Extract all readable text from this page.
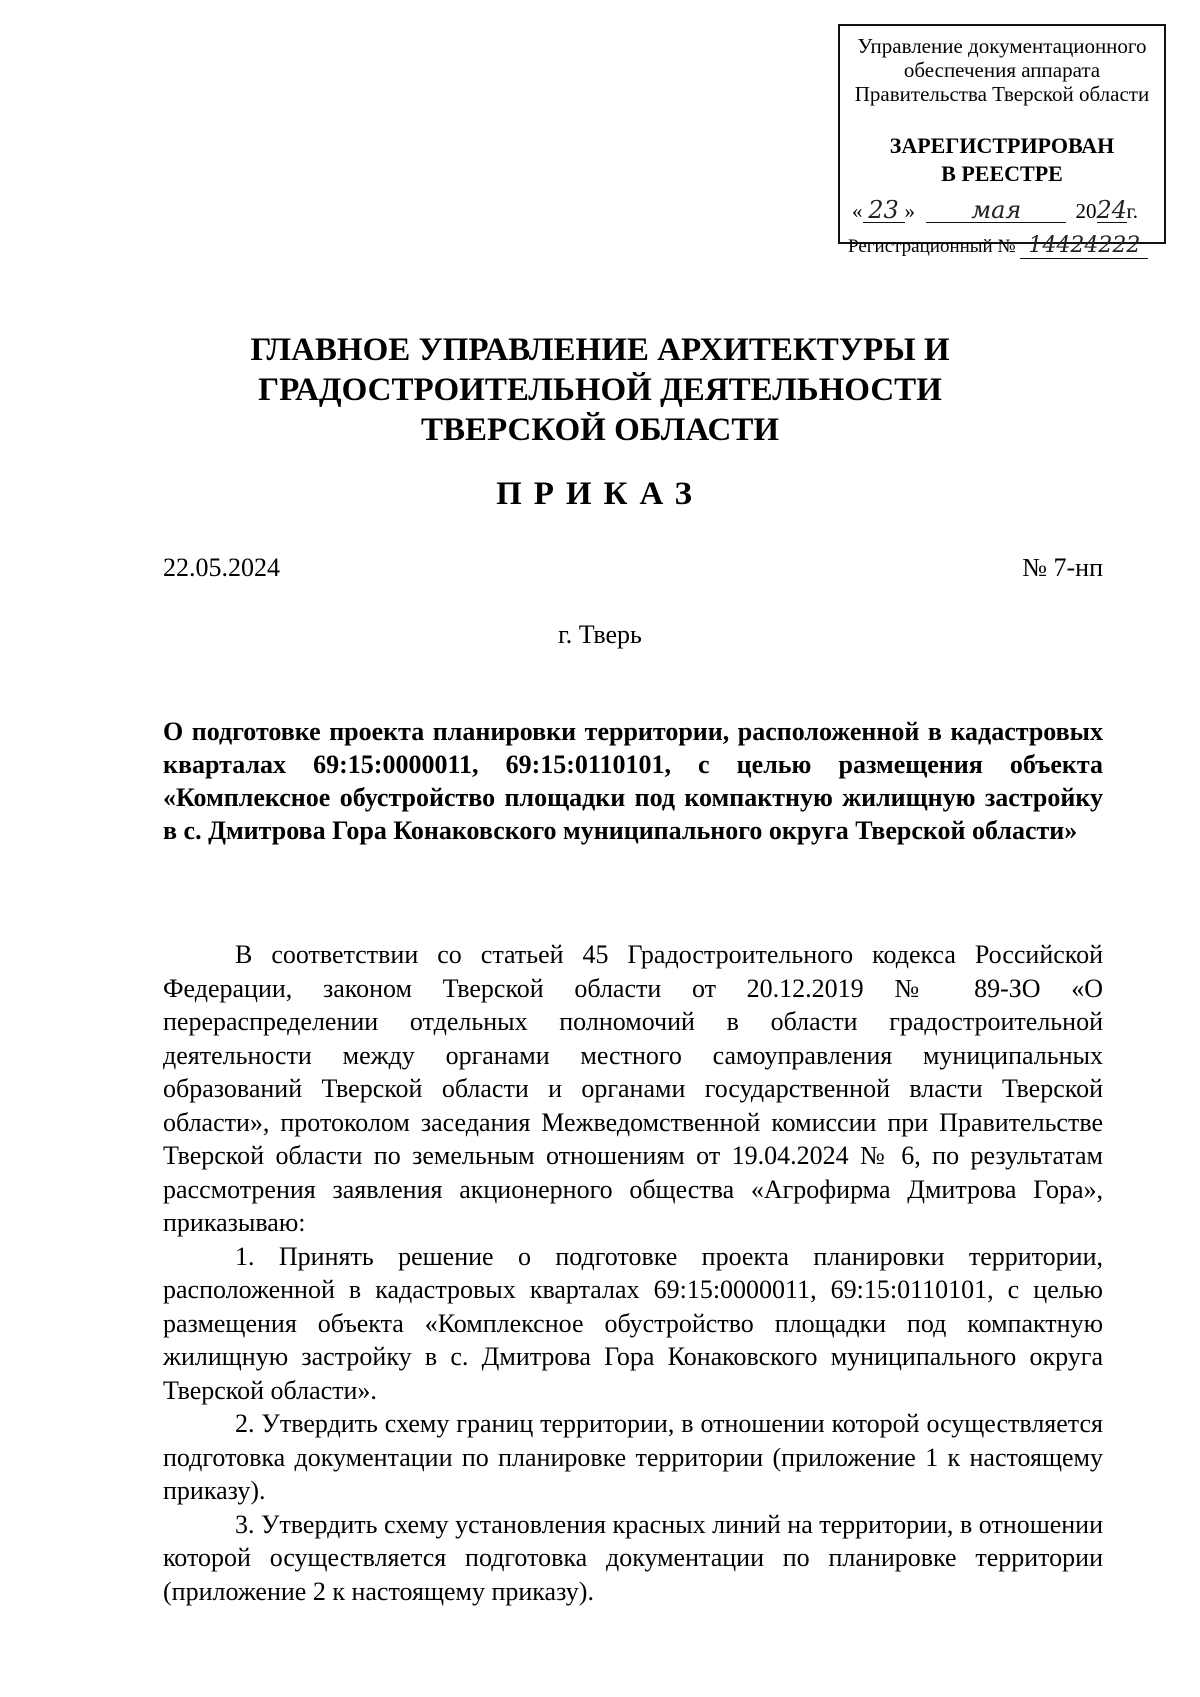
Управление документационного
обеспечения аппарата
Правительства Тверской области
ЗАРЕГИСТРИРОВАН
В РЕЕСТРЕ
« 23 » мая	2024г.
Регистрационный № 14424222
ГЛАВНОЕ УПРАВЛЕНИЕ АРХИТЕКТУРЫ И
ГРАДОСТРОИТЕЛЬНОЙ ДЕЯТЕЛЬНОСТИ
ТВЕРСКОЙ ОБЛАСТИ
ПРИКАЗ
22.05.2024	№ 7-нп
г. Тверь
О подготовке проекта планировки территории, расположенной в кадастровых кварталах 69:15:0000011, 69:15:0110101, с целью размещения объекта «Комплексное обустройство площадки под компактную жилищную застройку в с. Дмитрова Гора Конаковского муниципального округа Тверской области»

В соответствии со статьей 45 Градостроительного кодекса Российской Федерации, законом Тверской области от 20.12.2019 № 89-ЗО «О перераспределении отдельных полномочий в области градостроительной деятельности между органами местного самоуправления муниципальных образований Тверской области и органами государственной власти Тверской области», протоколом заседания Межведомственной комиссии при Правительстве Тверской области по земельным отношениям от 19.04.2024 № 6, по результатам рассмотрения заявления акционерного общества «Агрофирма Дмитрова Гора», приказываю:

1. Принять решение о подготовке проекта планировки территории, расположенной в кадастровых кварталах 69:15:0000011, 69:15:0110101, с целью размещения объекта «Комплексное обустройство площадки под компактную жилищную застройку в с. Дмитрова Гора Конаковского муниципального округа Тверской области».

2. Утвердить схему границ территории, в отношении которой осуществляется подготовка документации по планировке территории (приложение 1 к настоящему приказу).

3. Утвердить схему установления красных линий на территории, в отношении которой осуществляется подготовка документации по планировке территории (приложение 2 к настоящему приказу).
